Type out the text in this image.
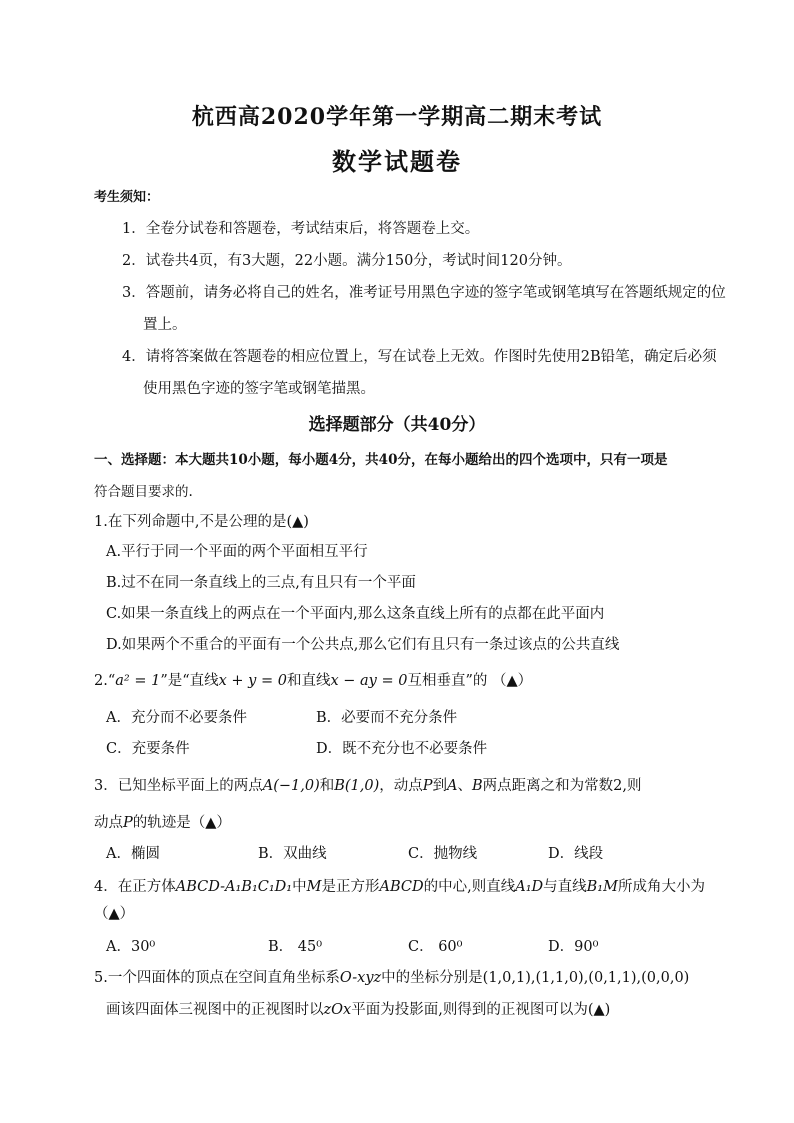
杭西高2020学年第一学期高二期末考试
数学试题卷
考生须知：
1．全卷分试卷和答题卷，考试结束后，将答题卷上交。
2．试卷共4页，有3大题，22小题。满分150分，考试时间120分钟。
3．答题前，请务必将自己的姓名，准考证号用黑色字迹的签字笔或钢笔填写在答题纸规定的位
置上。
4．请将答案做在答题卷的相应位置上，写在试卷上无效。作图时先使用2B铅笔，确定后必须
使用黑色字迹的签字笔或钢笔描黑。
选择题部分（共40分）
一、选择题：本大题共10小题，每小题4分，共40分，在每小题给出的四个选项中，只有一项是
符合题目要求的.
1.在下列命题中,不是公理的是(▲)
A.平行于同一个平面的两个平面相互平行
B.过不在同一条直线上的三点,有且只有一个平面
C.如果一条直线上的两点在一个平面内,那么这条直线上所有的点都在此平面内
D.如果两个不重合的平面有一个公共点,那么它们有且只有一条过该点的公共直线
2.“a² = 1”是“直线x + y = 0和直线x − ay = 0互相垂直”的 （▲）
A．充分而不必要条件	B．必要而不充分条件
C．充要条件	D．既不充分也不必要条件
3．已知坐标平面上的两点A(−1,0)和B(1,0)，动点P到A、B两点距离之和为常数2,则
动点P的轨迹是（▲）
A．椭圆	B．双曲线	C．抛物线	D．线段
4．在正方体ABCD-A₁B₁C₁D₁中M是正方形ABCD的中心,则直线A₁D与直线B₁M所成角大小为
（▲）
A．30⁰	B． 45⁰	C． 60⁰	D．90⁰
5.一个四面体的顶点在空间直角坐标系O-xyz中的坐标分别是(1,0,1),(1,1,0),(0,1,1),(0,0,0)
画该四面体三视图中的正视图时以zOx平面为投影面,则得到的正视图可以为(▲)
